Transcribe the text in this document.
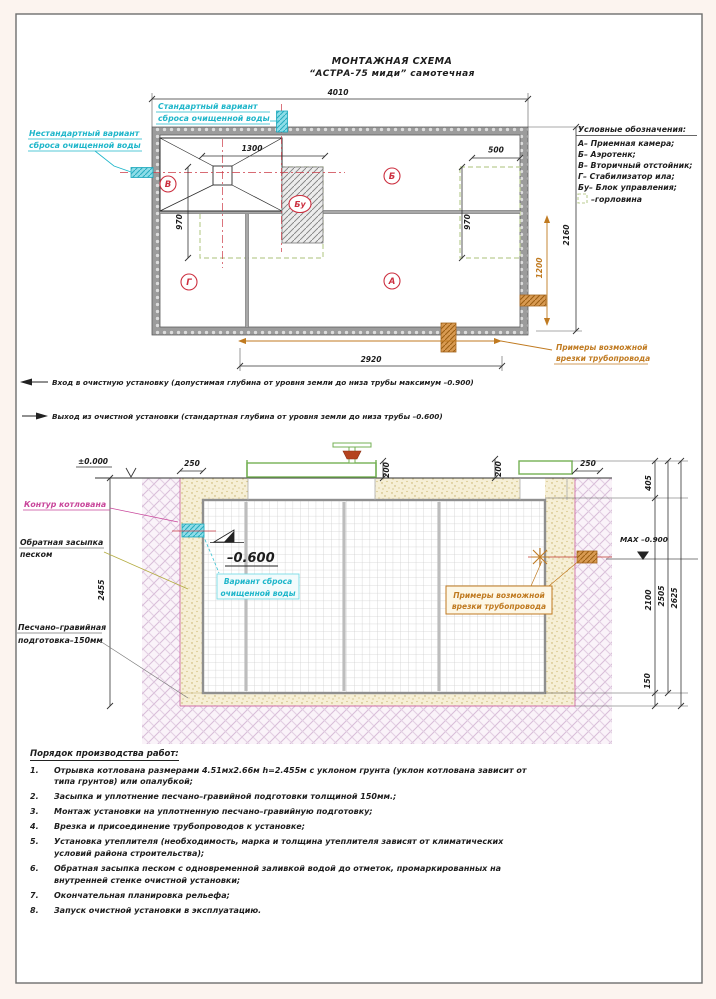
МОНТАЖНАЯ СХЕМА
“АСТРА-75 миди” самотечная
4010
Стандартный вариант
сброса очищенной воды
Нестандартный вариант
сброса очищенной воды
В
Б
Бу
Г	А
1300	500
970	970
2160
1200
Примеры возможной
врезки трубопровода
2920
Условные обозначения:
А– Приемная камера;
Б– Аэротенк;
В– Вторичный отстойник;
Г– Стабилизатор ила;
Бу– Блок управления;
–горловина
Вход в очистную установку (допустимая глубина от уровня земли до низа трубы максимум –0.900)
Выход из очистной установки (стандартная глубина от уровня земли до низа трубы –0.600)
250	200	200	250
±0.000
2455
Контур котлована
Обратная засыпка
песком
Песчано–гравийная
подготовка–150мм
–0.600
Вариант сброса
очищенной воды	Примеры возможной
врезки трубопровода
MAX –0.900
405
2100
150
2505 2625
Порядок производства работ:
1.	Отрывка котлована размерами 4.51мх2.66м h=2.455м с уклоном грунта (уклон котлована зависит от типа грунтов) или опалубкой;
2.	Засыпка и уплотнение песчано–гравийной подготовки толщиной 150мм.;
3.	Монтаж установки на уплотненную песчано–гравийную подготовку;
4.	Врезка и присоединение трубопроводов к установке;
5.	Установка утеплителя (необходимость, марка и толщина утеплителя зависят от климатических условий района строительства);
6.	Обратная засыпка песком с одновременной заливкой водой до отметок, промаркированных на внутренней стенке очистной установки;
7.	Окончательная планировка рельефа;
8.	Запуск очистной установки в эксплуатацию.
